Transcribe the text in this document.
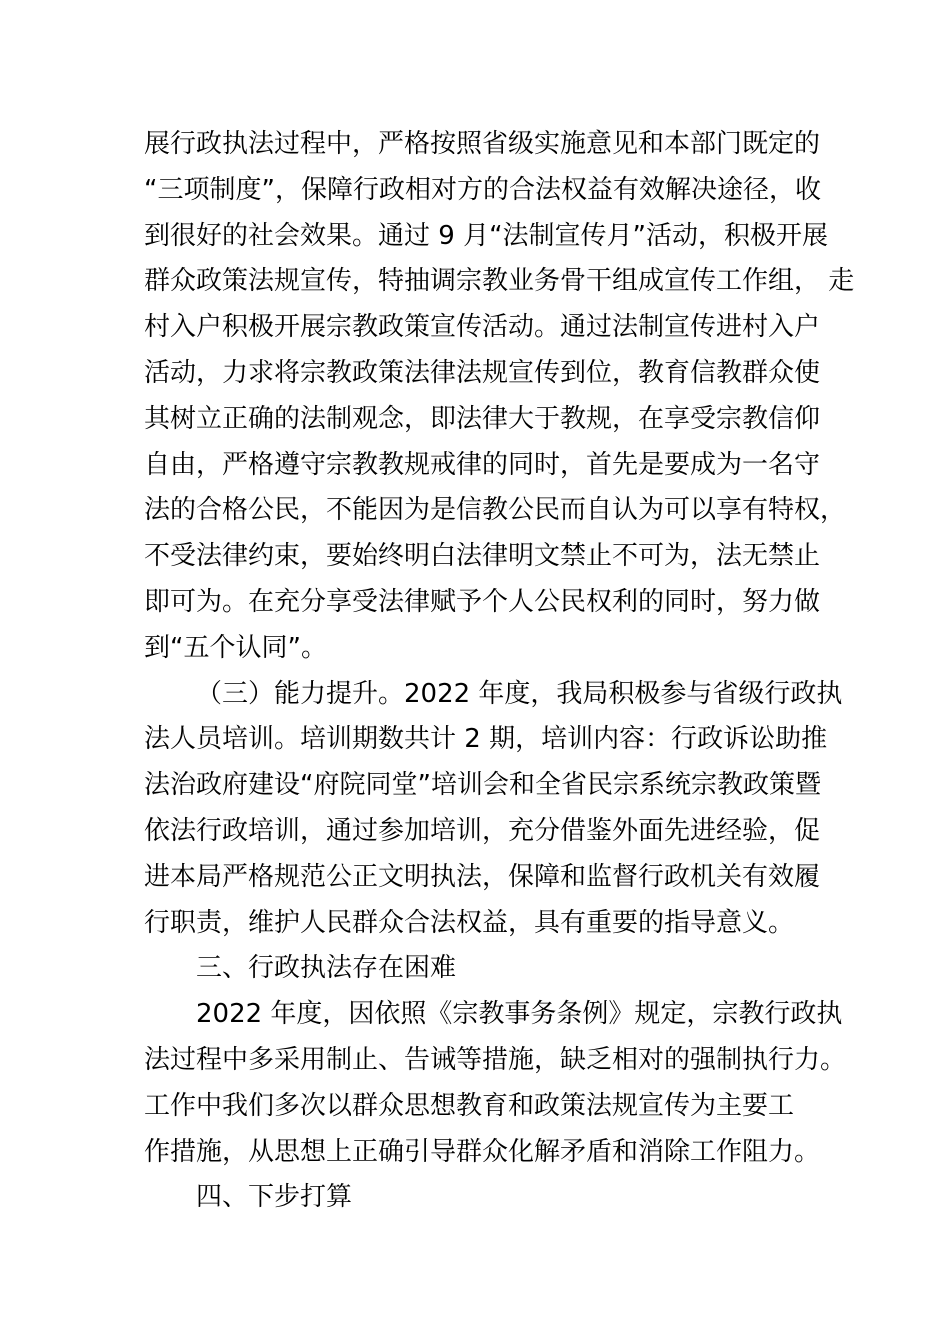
展行政执法过程中，严格按照省级实施意见和本部门既定的
“三项制度”，保障行政相对方的合法权益有效解决途径，收
到很好的社会效果。通过 9 月“法制宣传月”活动，积极开展
群众政策法规宣传，特抽调宗教业务骨干组成宣传工作组， 走
村入户积极开展宗教政策宣传活动。通过法制宣传进村入户
活动，力求将宗教政策法律法规宣传到位，教育信教群众使
其树立正确的法制观念，即法律大于教规，在享受宗教信仰
自由，严格遵守宗教教规戒律的同时，首先是要成为一名守
法的合格公民，不能因为是信教公民而自认为可以享有特权，
不受法律约束，要始终明白法律明文禁止不可为，法无禁止
即可为。在充分享受法律赋予个人公民权利的同时，努力做
到“五个认同”。
（三）能力提升。2022 年度，我局积极参与省级行政执
法人员培训。培训期数共计 2 期，培训内容：行政诉讼助推
法治政府建设“府院同堂”培训会和全省民宗系统宗教政策暨
依法行政培训，通过参加培训，充分借鉴外面先进经验，促
进本局严格规范公正文明执法，保障和监督行政机关有效履
行职责，维护人民群众合法权益，具有重要的指导意义。
三、行政执法存在困难
2022 年度，因依照《宗教事务条例》规定，宗教行政执
法过程中多采用制止、告诫等措施，缺乏相对的强制执行力。
工作中我们多次以群众思想教育和政策法规宣传为主要工
作措施，从思想上正确引导群众化解矛盾和消除工作阻力。
四、下步打算
